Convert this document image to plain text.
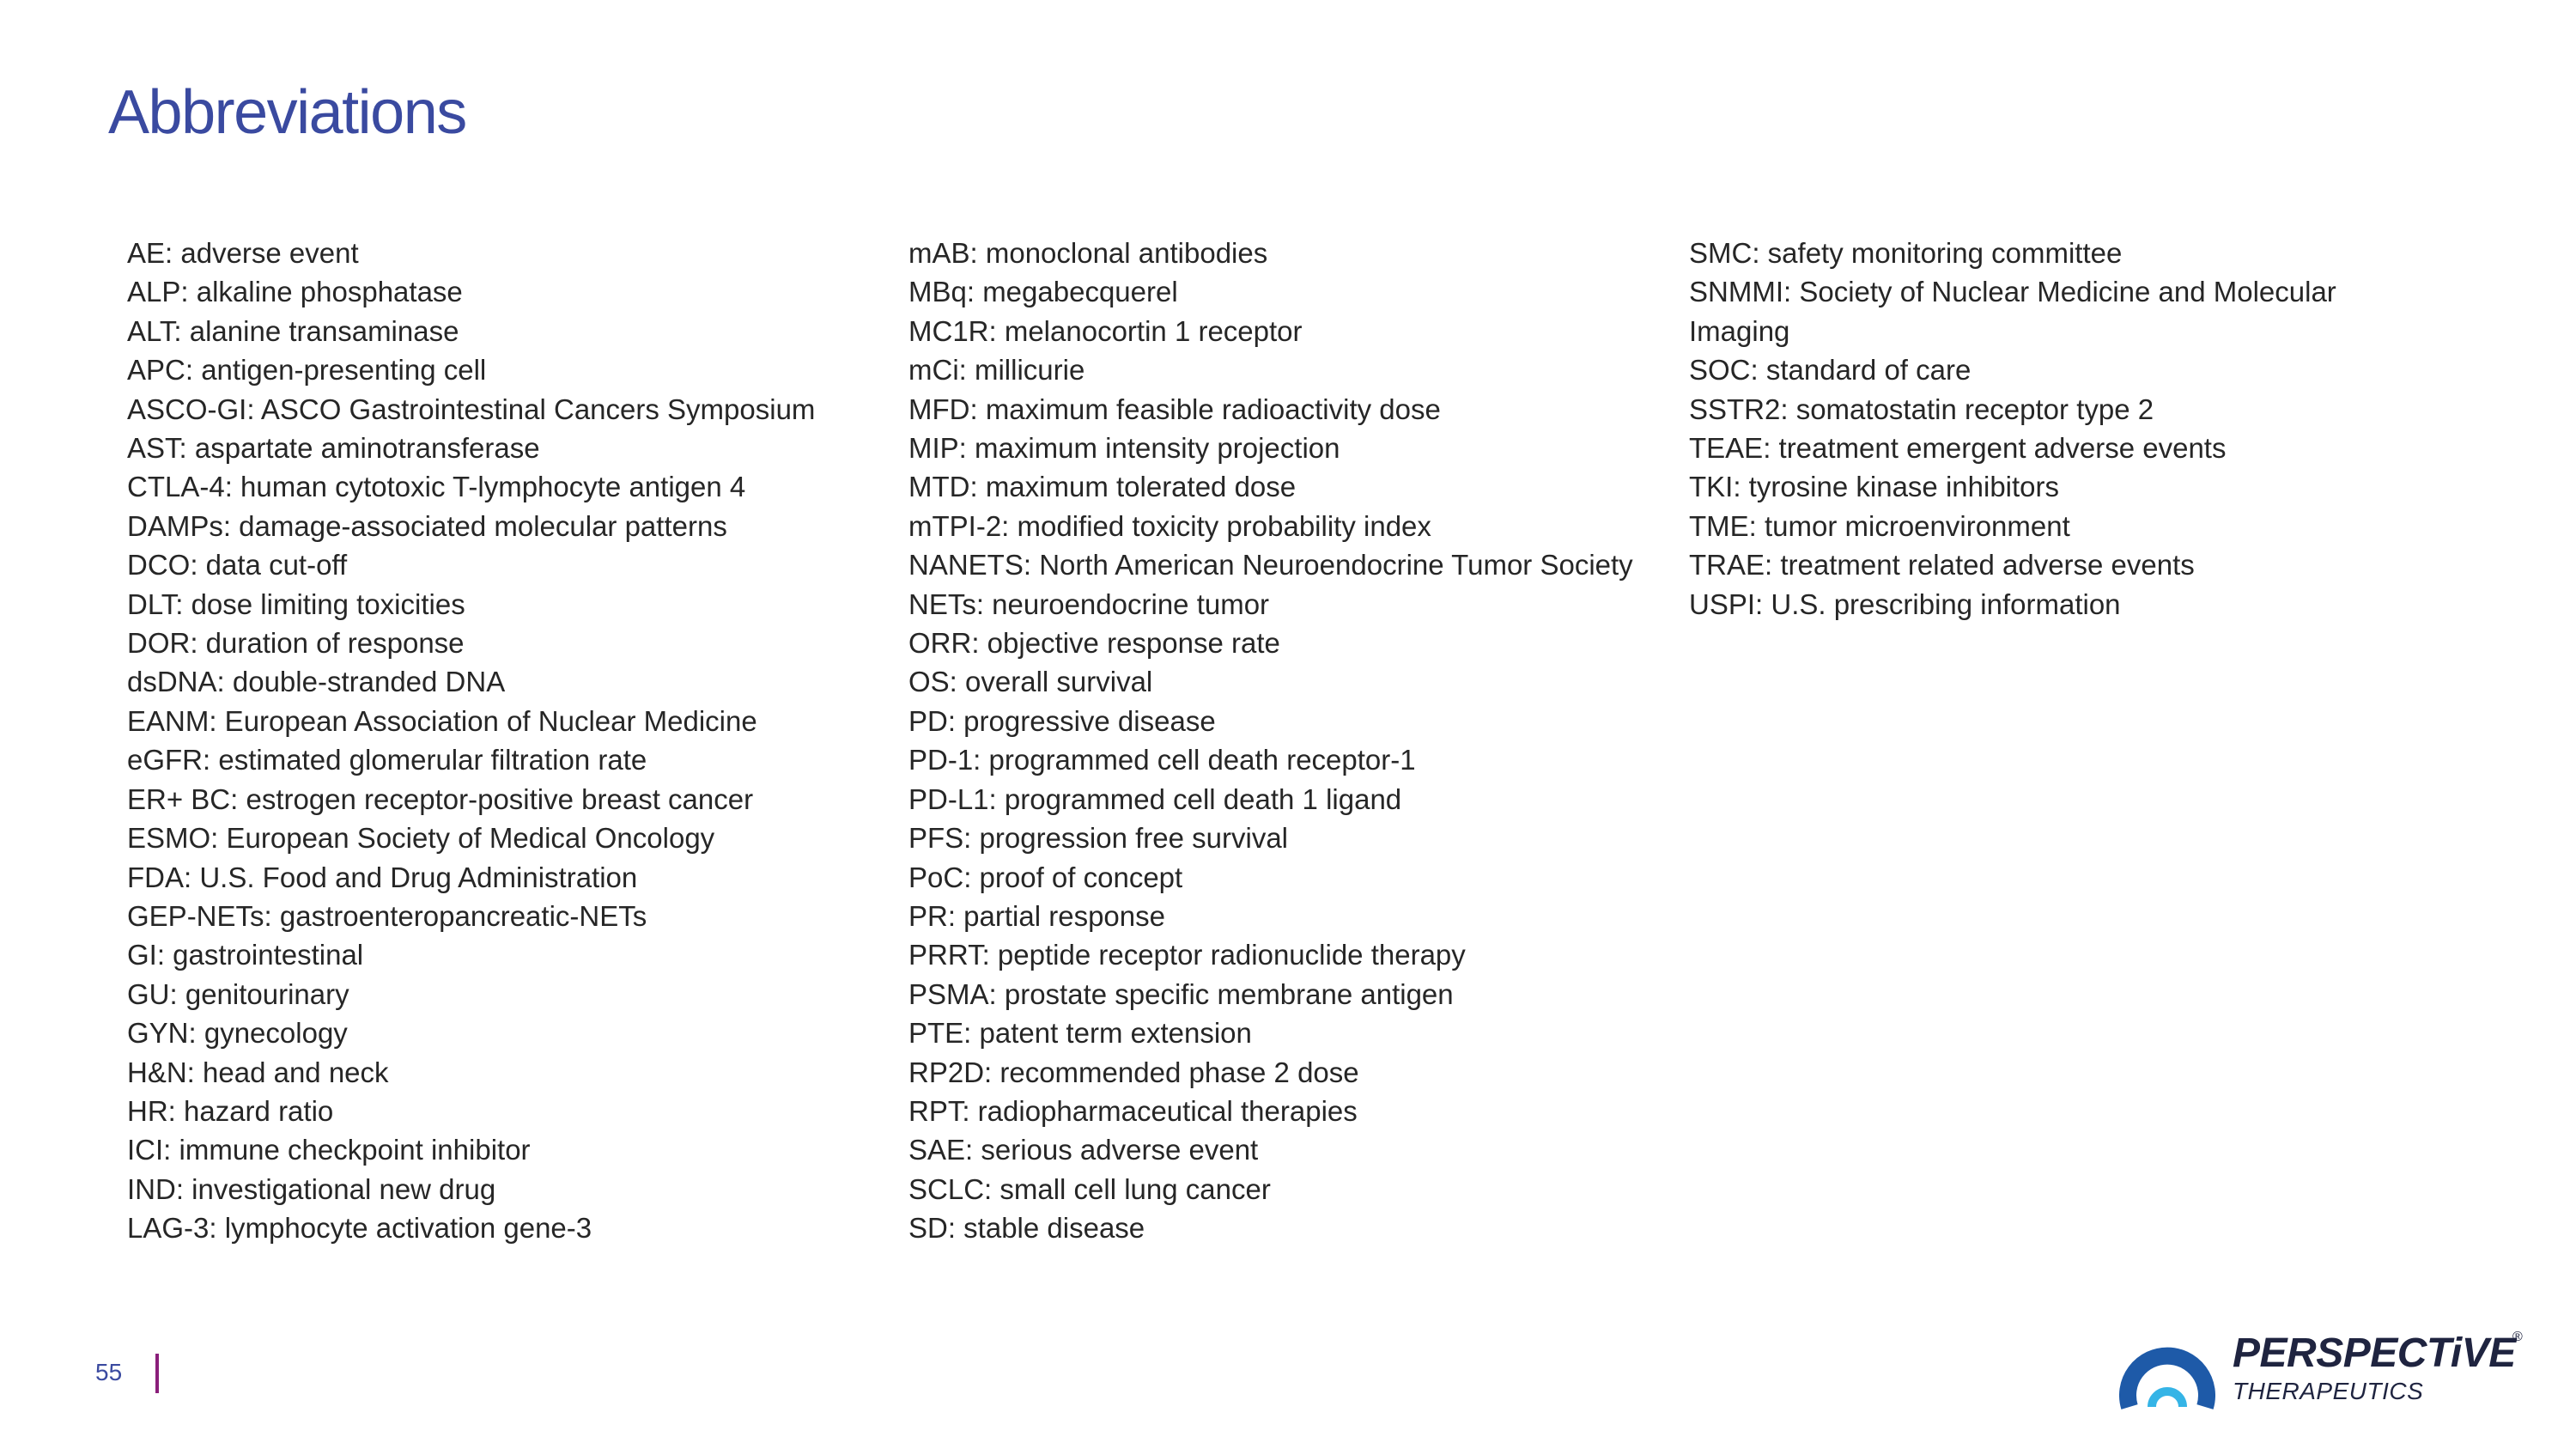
Abbreviations
AE: adverse event
ALP: alkaline phosphatase
ALT: alanine transaminase
APC: antigen-presenting cell
ASCO-GI: ASCO Gastrointestinal Cancers Symposium
AST: aspartate aminotransferase
CTLA-4: human cytotoxic T-lymphocyte antigen 4
DAMPs: damage-associated molecular patterns
DCO: data cut-off
DLT: dose limiting toxicities
DOR: duration of response
dsDNA: double-stranded DNA
EANM: European Association of Nuclear Medicine
eGFR: estimated glomerular filtration rate
ER+ BC: estrogen receptor-positive breast cancer
ESMO: European Society of Medical Oncology
FDA: U.S. Food and Drug Administration
GEP-NETs: gastroenteropancreatic-NETs
GI: gastrointestinal
GU: genitourinary
GYN: gynecology
H&N: head and neck
HR: hazard ratio
ICI: immune checkpoint inhibitor
IND: investigational new drug
LAG-3: lymphocyte activation gene-3
mAB: monoclonal antibodies
MBq: megabecquerel
MC1R: melanocortin 1 receptor
mCi: millicurie
MFD: maximum feasible radioactivity dose
MIP: maximum intensity projection
MTD: maximum tolerated dose
mTPI-2: modified toxicity probability index
NANETS: North American Neuroendocrine Tumor Society
NETs: neuroendocrine tumor
ORR: objective response rate
OS: overall survival
PD: progressive disease
PD-1: programmed cell death receptor-1
PD-L1: programmed cell death 1 ligand
PFS: progression free survival
PoC: proof of concept
PR: partial response
PRRT: peptide receptor radionuclide therapy
PSMA: prostate specific membrane antigen
PTE: patent term extension
RP2D: recommended phase 2 dose
RPT: radiopharmaceutical therapies
SAE: serious adverse event
SCLC: small cell lung cancer
SD: stable disease
SMC: safety monitoring committee
SNMMI: Society of Nuclear Medicine and Molecular Imaging
SOC: standard of care
SSTR2: somatostatin receptor type 2
TEAE: treatment emergent adverse events
TKI: tyrosine kinase inhibitors
TME: tumor microenvironment
TRAE: treatment related adverse events
USPI: U.S. prescribing information
55	PERSPECTiVE
®
THERAPEUTICS
